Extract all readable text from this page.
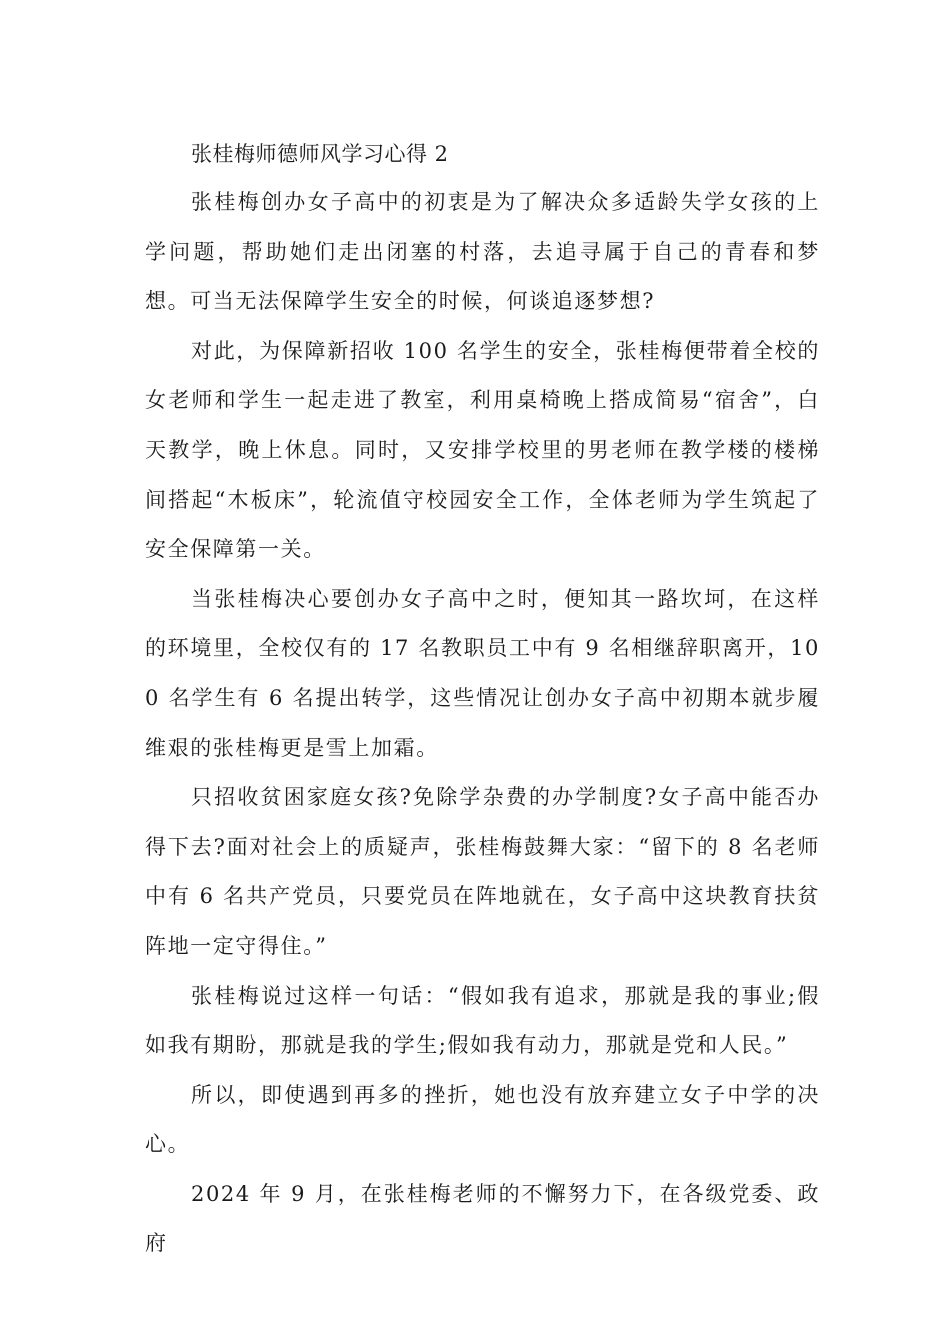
张桂梅师德师风学习心得 2

张桂梅创办女子高中的初衷是为了解决众多适龄失学女孩的上学问题，帮助她们走出闭塞的村落，去追寻属于自己的青春和梦想。可当无法保障学生安全的时候，何谈追逐梦想?

对此，为保障新招收 100 名学生的安全，张桂梅便带着全校的女老师和学生一起走进了教室，利用桌椅晚上搭成简易“宿舍”，白天教学，晚上休息。同时，又安排学校里的男老师在教学楼的楼梯间搭起“木板床”，轮流值守校园安全工作，全体老师为学生筑起了安全保障第一关。

当张桂梅决心要创办女子高中之时，便知其一路坎坷，在这样的环境里，全校仅有的 17 名教职员工中有 9 名相继辞职离开，100 名学生有 6 名提出转学，这些情况让创办女子高中初期本就步履维艰的张桂梅更是雪上加霜。

只招收贫困家庭女孩?免除学杂费的办学制度?女子高中能否办得下去?面对社会上的质疑声，张桂梅鼓舞大家：“留下的 8 名老师中有 6 名共产党员，只要党员在阵地就在，女子高中这块教育扶贫阵地一定守得住。”

张桂梅说过这样一句话：“假如我有追求，那就是我的事业;假如我有期盼，那就是我的学生;假如我有动力，那就是党和人民。”

所以，即使遇到再多的挫折，她也没有放弃建立女子中学的决心。

2024 年 9 月，在张桂梅老师的不懈努力下，在各级党委、政府
